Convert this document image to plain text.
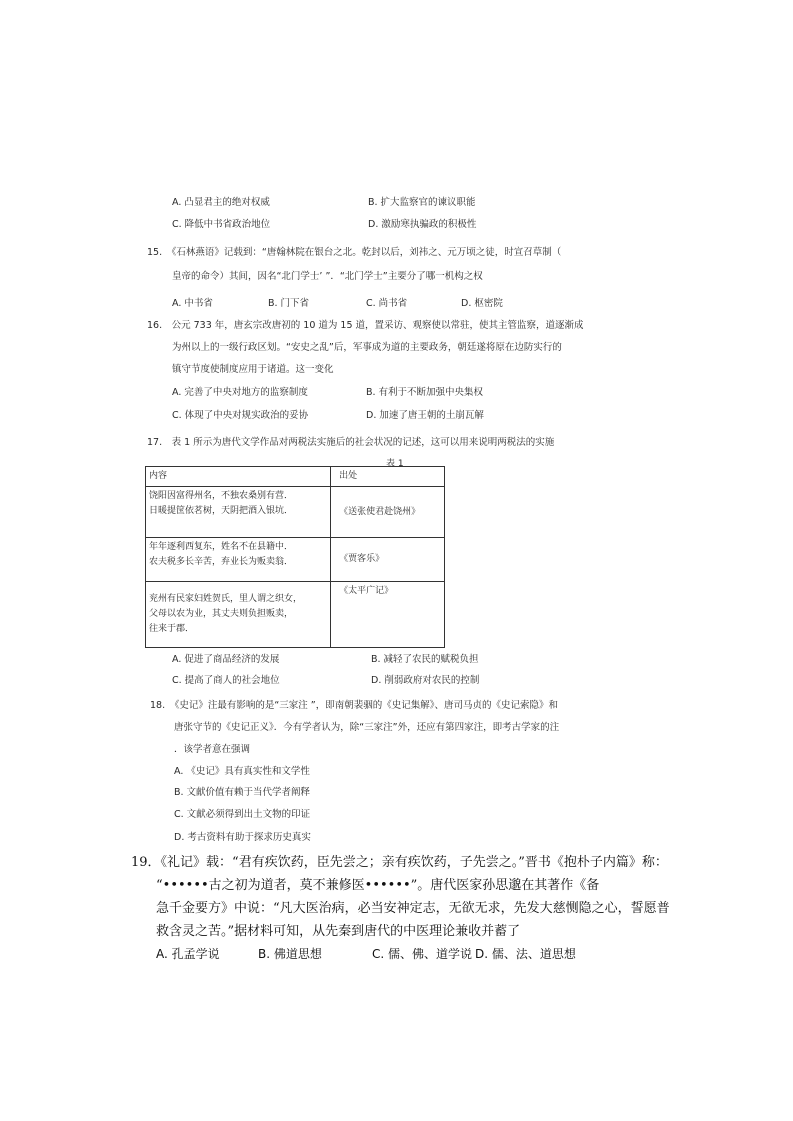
A. 凸显君主的绝对权威	B. 扩大监察官的谏议职能
C. 降低中书省政治地位	D. 激励寒执骗政的积极性
15.　《石林燕语》记载到：“唐翰林院在银台之北。乾封以后，刘祎之、元万顷之徒，时宣召草制（
皇帝的命令）其间，因名“北门学士’ ”．“北门学士”主要分了哪一机构之权
A. 中书省	B. 门下省	C. 尚书省	D. 枢密院
16.　公元 733 年，唐玄宗改唐初的 10 道为 15 道，置采访、观察使以常驻，使其主管监察，道逐渐成
为州以上的一级行政区划。“安史之乱”后，军事成为道的主要政务，朝廷遂将原在边防实行的
镇守节度使制度应用于诸道。这一变化
A. 完善了中央对地方的监察制度	B. 有利于不断加强中央集权
C. 体现了中央对规实政治的妥协	D. 加速了唐王朝的土崩瓦解
17.　表 1 所示为唐代文学作品对两税法实施后的社会状况的记述，这可以用来说明两税法的实施
表 1
内容	出处

饶阳因富得州名，不独农桑别有营．
日暖提筐依茗树，天阴把酒入银坑．	《送张使君赴饶州》

年年逐利西复东，姓名不在县籍中．
农夫税多长辛苦，弃业长为贩卖翁．	《贾客乐》

兖州有民家妇姓贺氏，里人谓之织女，
父母以农为业，其丈夫则负担贩卖，
往来于郡．	《太平广记》
A. 促进了商品经济的发展	B. 减轻了农民的赋税负担
C. 提高了商人的社会地位	D. 削弱政府对农民的控制
18.　《史记》注最有影响的是“三家注 ”，即南朝裴骃的《史记集解》、唐司马贞的《史记索隐》和
唐张守节的《史记正义》．今有学者认为，除“三家注”外，还应有第四家注，即考古学家的注
．该学者意在强调
A. 《史记》具有真实性和文学性
B. 文献价值有赖于当代学者阐释
C. 文献必须得到出土文物的印证
D. 考古资料有助于探求历史真实
19．《礼记》载：“君有疾饮药，臣先尝之；亲有疾饮药，子先尝之。”晋书《抱朴子内篇》称：
“••••••古之初为道者，莫不兼修医••••••”。唐代医家孙思邈在其著作《备
急千金要方》中说：“凡大医治病，必当安神定志，无欲无求，先发大慈恻隐之心，誓愿普
救含灵之苦。”据材料可知，从先秦到唐代的中医理论兼收并蓄了
A. 孔孟学说	B. 佛道思想	C. 儒、佛、道学说 D. 儒、法、道思想
